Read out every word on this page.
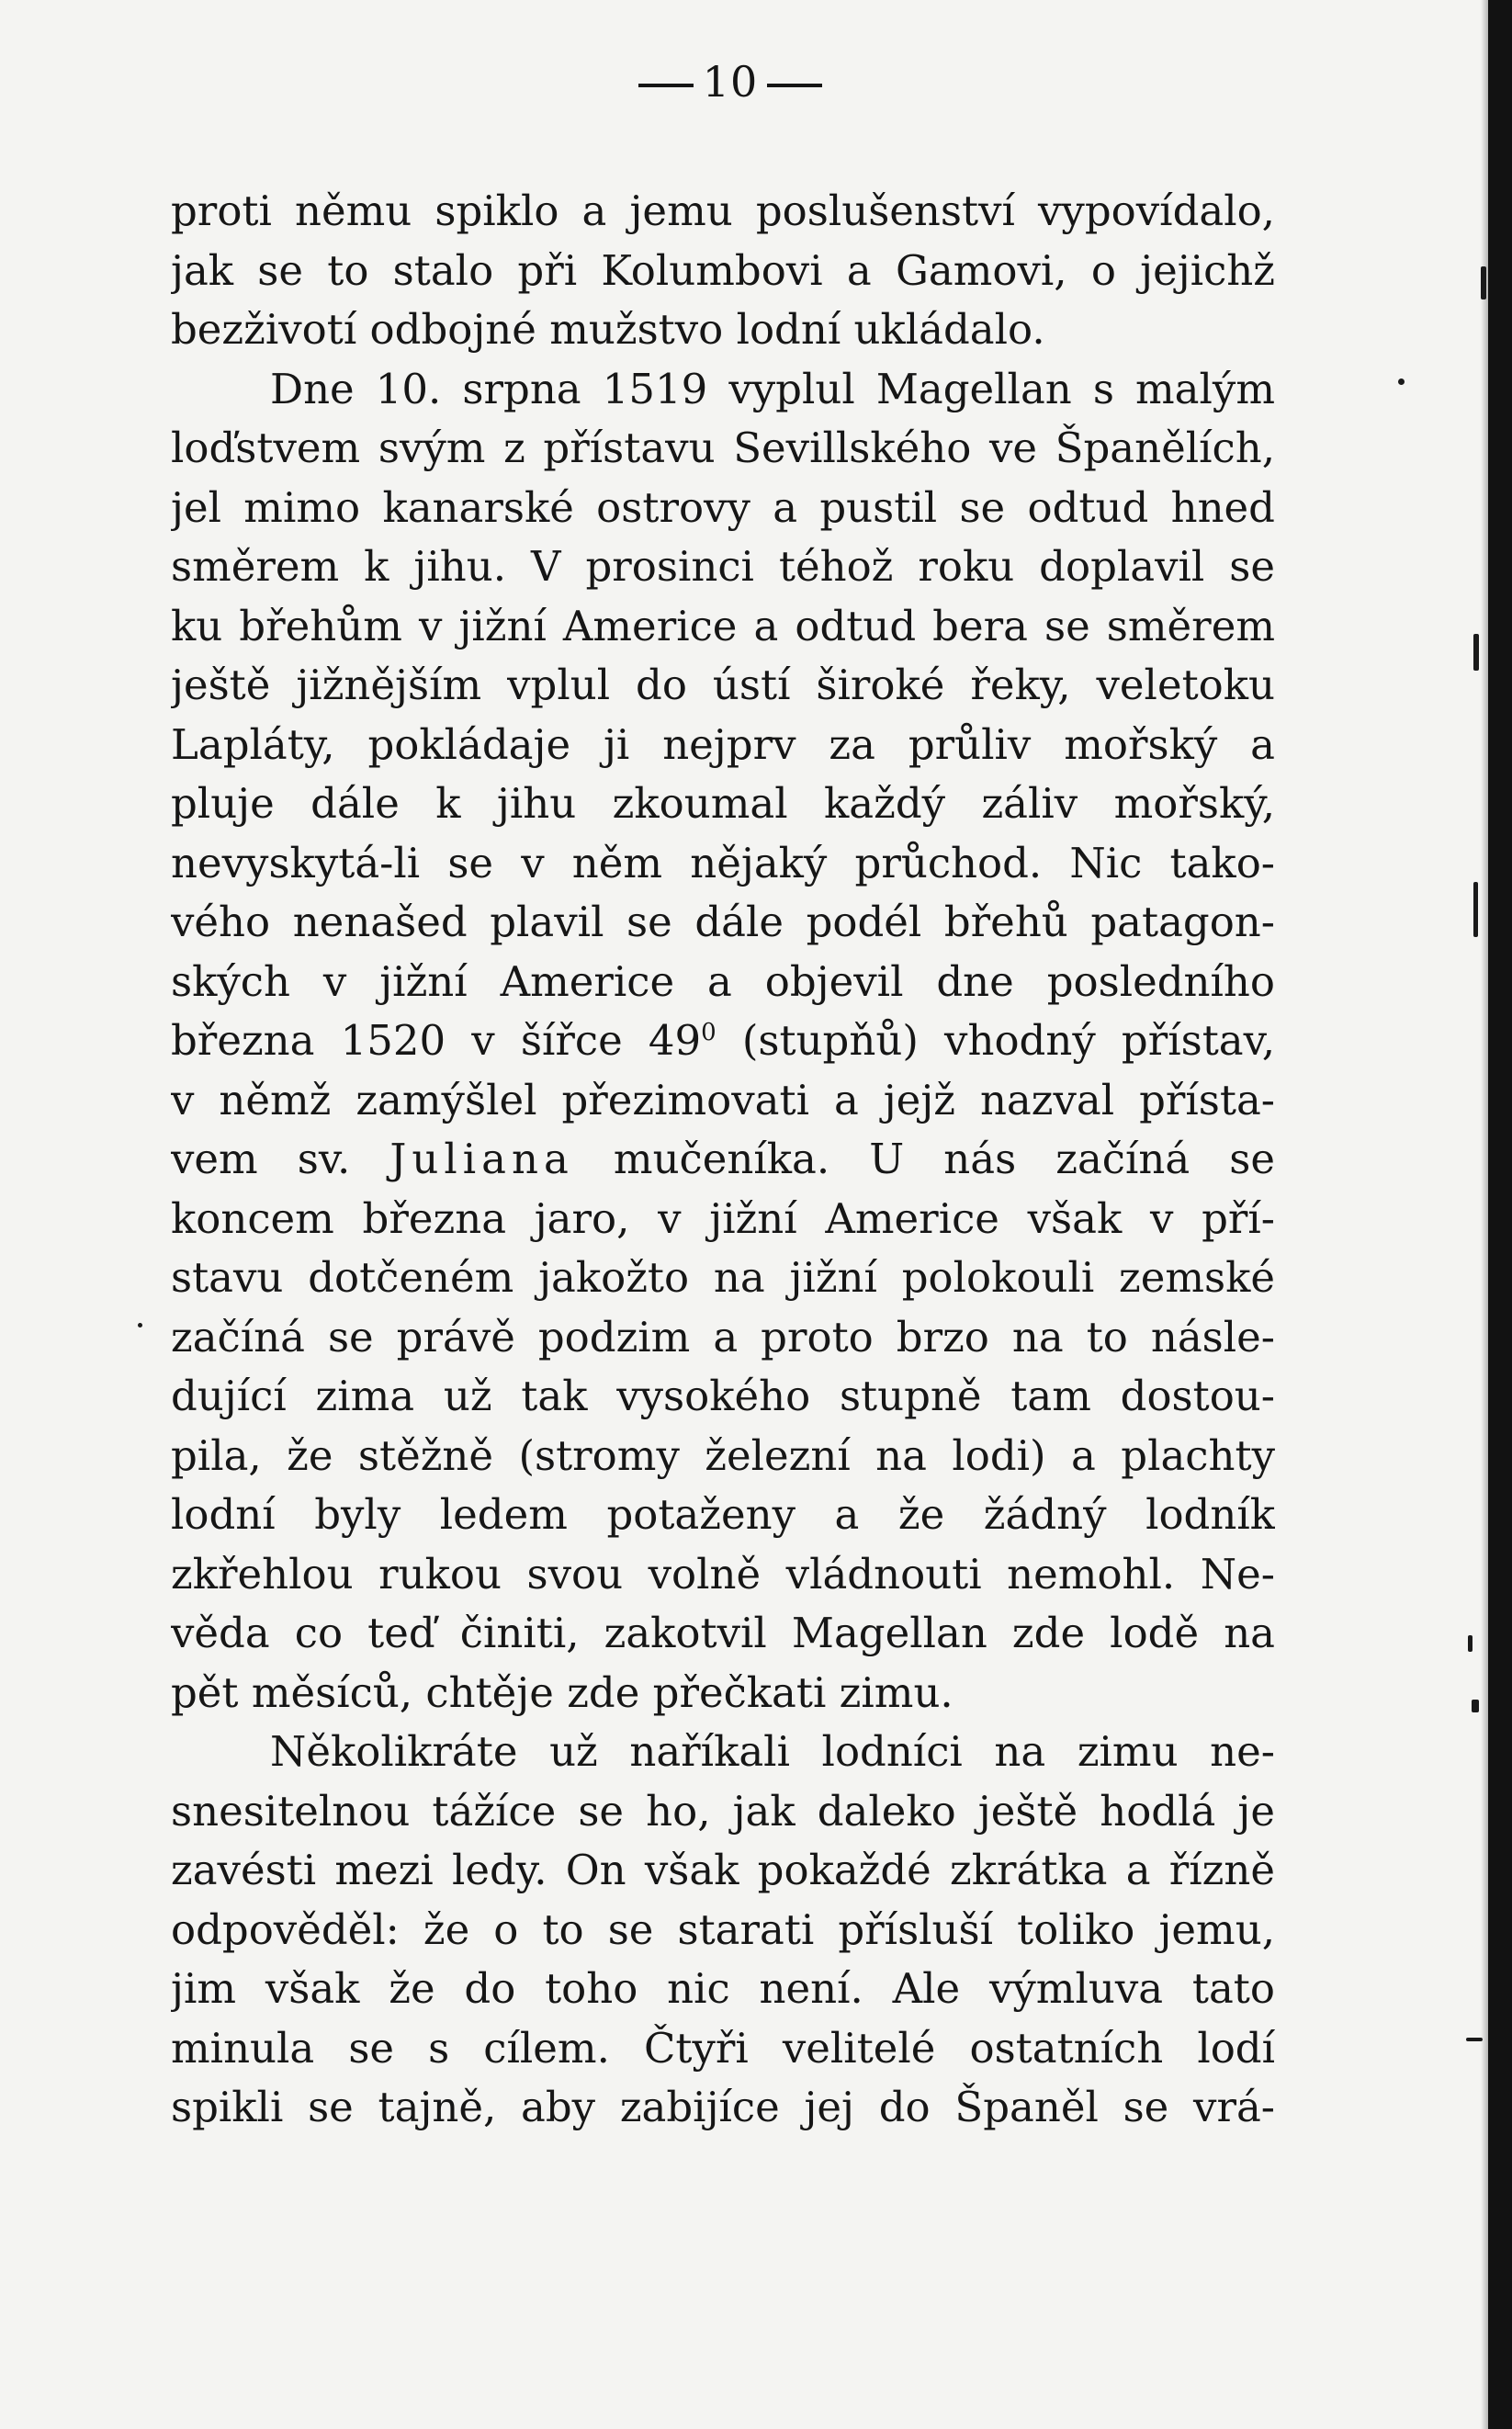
10
proti němu spiklo a jemu poslušenství vypovídalo,
jak se to stalo při Kolumbovi a Gamovi, o jejichž
bezživotí odbojné mužstvo lodní ukládalo.
Dne 10. srpna 1519 vyplul Magellan s malým
loďstvem svým z přístavu Sevillského ve Španělích,
jel mimo kanarské ostrovy a pustil se odtud hned
směrem k jihu. V prosinci téhož roku doplavil se
ku břehům v jižní Americe a odtud bera se směrem
ještě jižnějším vplul do ústí široké řeky, veletoku
Lapláty, pokládaje ji nejprv za průliv mořský a
pluje dále k jihu zkoumal každý záliv mořský,
nevyskytá-li se v něm nějaký průchod. Nic tako-
vého nenašed plavil se dále podél břehů patagon-
ských v jižní Americe a objevil dne posledního
března 1520 v šířce $49^0$ (stupňů) vhodný přístav,
v němž zamýšlel přezimovati a jejž nazval přísta-
vem sv. Juliana mučeníka. U nás začíná se
koncem března jaro, v jižní Americe však v pří-
stavu dotčeném jakožto na jižní polokouli zemské
začíná se právě podzim a proto brzo na to násle-
dující zima už tak vysokého stupně tam dostou-
pila, že stěžně (stromy železní na lodi) a plachty
lodní byly ledem potaženy a že žádný lodník
zkřehlou rukou svou volně vládnouti nemohl. Ne-
věda co teď činiti, zakotvil Magellan zde lodě na
pět měsíců, chtěje zde přečkati zimu.
Několikráte už naříkali lodníci na zimu ne-
snesitelnou tážíce se ho, jak daleko ještě hodlá je
zavésti mezi ledy. On však pokaždé zkrátka a řízně
odpověděl: že o to se starati přísluší toliko jemu,
jim však že do toho nic není. Ale výmluva tato
minula se s cílem. Čtyři velitelé ostatních lodí
spikli se tajně, aby zabijíce jej do Španěl se vrá-
